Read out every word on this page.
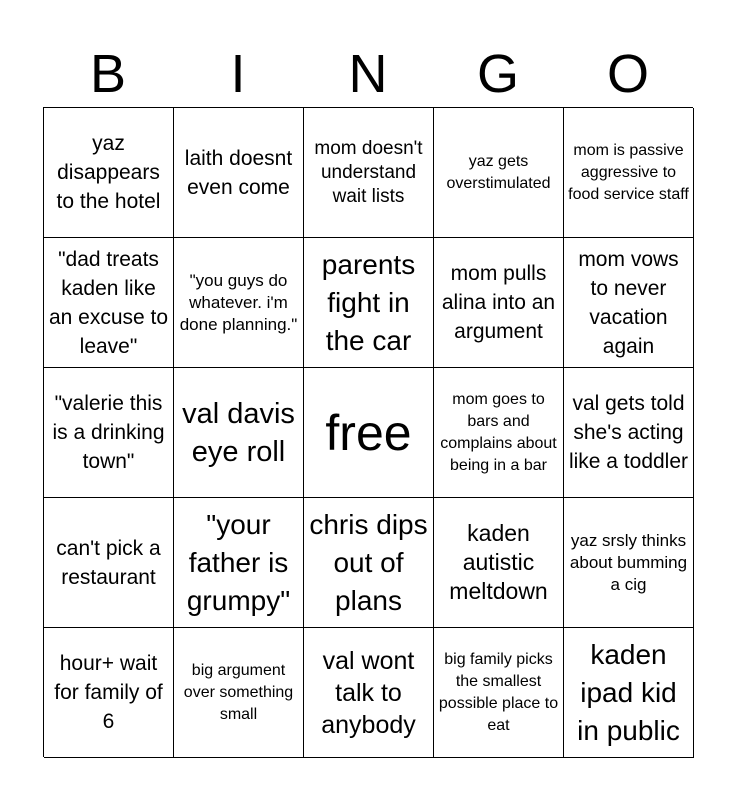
B	I	N	G	O
yaz disappears to the hotel
laith doesnt even come
mom doesn't understand wait lists
yaz gets overstimulated
mom is passive aggressive to food service staff
"dad treats kaden like an excuse to leave"
"you guys do whatever. i'm done planning."
parents fight in the car
mom pulls alina into an argument
mom vows to never vacation again
"valerie this is a drinking town"
val davis eye roll free
mom goes to bars and complains about being in a bar
val gets told she's acting like a toddler
can't pick a restaurant
"your father is grumpy"
chris dips out of plans
kaden autistic meltdown
yaz srsly thinks about bumming a cig
hour+ wait for family of 6
big argument over something small
val wont talk to anybody
big family picks the smallest possible place to eat
kaden ipad kid in public
